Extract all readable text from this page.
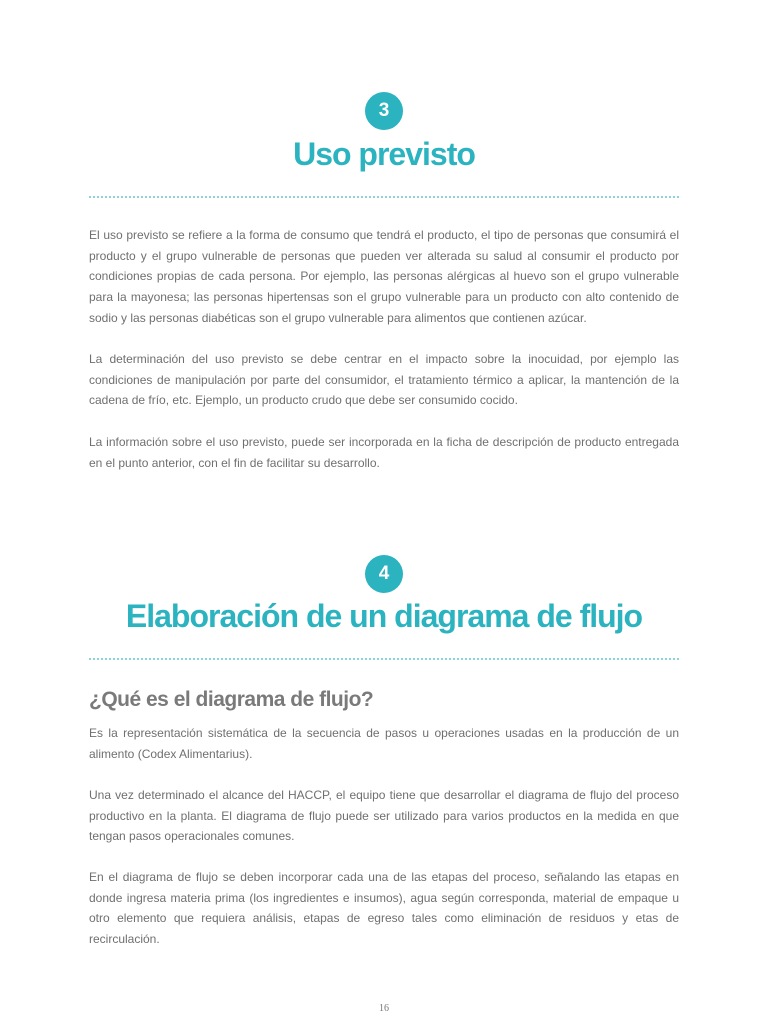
3
Uso previsto

El uso previsto se refiere a la forma de consumo que tendrá el producto, el tipo de personas que consumirá el producto y el grupo vulnerable de personas que pueden ver alterada su salud al consumir el producto por condiciones propias de cada persona. Por ejemplo, las personas alérgicas al huevo son el grupo vulnerable para la mayonesa; las personas hipertensas son el grupo vulnerable para un producto con alto contenido de sodio y las personas diabéticas son el grupo vulnerable para alimentos que contienen azúcar.

La determinación del uso previsto se debe centrar en el impacto sobre la inocuidad, por ejemplo las condiciones de manipulación por parte del consumidor, el tratamiento térmico a aplicar, la mantención de la cadena de frío, etc. Ejemplo, un producto crudo que debe ser consumido cocido.

La información sobre el uso previsto, puede ser incorporada en la ficha de descripción de producto entregada en el punto anterior, con el fin de facilitar su desarrollo.

4
Elaboración de un diagrama de flujo
¿Qué es el diagrama de flujo?

Es la representación sistemática de la secuencia de pasos u operaciones usadas en la producción de un alimento (Codex Alimentarius).

Una vez determinado el alcance del HACCP, el equipo tiene que desarrollar el diagrama de flujo del proceso productivo en la planta. El diagrama de flujo puede ser utilizado para varios productos en la medida en que tengan pasos operacionales comunes.

En el diagrama de flujo se deben incorporar cada una de las etapas del proceso, señalando las etapas en donde ingresa materia prima (los ingredientes e insumos), agua según corresponda, material de empaque u otro elemento que requiera análisis, etapas de egreso tales como eliminación de residuos y etas de recirculación.

16
